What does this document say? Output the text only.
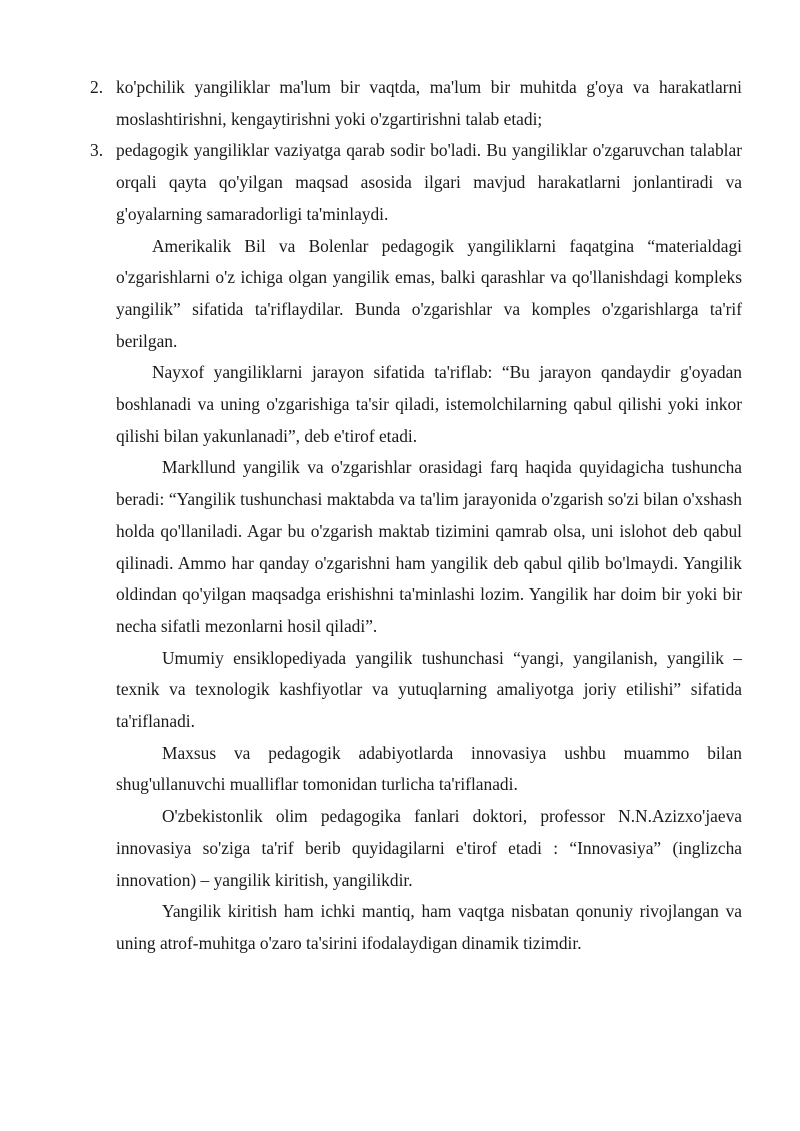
2. ko'pchilik yangiliklar ma'lum bir vaqtda, ma'lum bir muhitda g'oya va harakatlarni moslashtirishni, kengaytirishni yoki o'zgartirishni talab etadi;
3. pedagogik yangiliklar vaziyatga qarab sodir bo'ladi. Bu yangiliklar o'zgaruvchan talablar orqali qayta qo'yilgan maqsad asosida ilgari mavjud harakatlarni jonlantiradi va g'oyalarning samaradorligi ta'minlaydi.

Amerikalik Bil va Bolenlar pedagogik yangiliklarni faqatgina “materialdagi o'zgarishlarni o'z ichiga olgan yangilik emas, balki qarashlar va qo'llanishdagi kompleks yangilik” sifatida ta'riflaydilar. Bunda o'zgarishlar va komples o'zgarishlarga ta'rif berilgan.

Nayxof yangiliklarni jarayon sifatida ta'riflab: “Bu jarayon qandaydir g'oyadan boshlanadi va uning o'zgarishiga ta'sir qiladi, istemolchilarning qabul qilishi yoki inkor qilishi bilan yakunlanadi”, deb e'tirof etadi.

Markllund yangilik va o'zgarishlar orasidagi farq haqida quyidagicha tushuncha beradi: “Yangilik tushunchasi maktabda va ta'lim jarayonida o'zgarish so'zi bilan o'xshash holda qo'llaniladi. Agar bu o'zgarish maktab tizimini qamrab olsa, uni islohot deb qabul qilinadi. Ammo har qanday o'zgarishni ham yangilik deb qabul qilib bo'lmaydi. Yangilik oldindan qo'yilgan maqsadga erishishni ta'minlashi lozim. Yangilik har doim bir yoki bir necha sifatli mezonlarni hosil qiladi”.

Umumiy ensiklopediyada yangilik tushunchasi “yangi, yangilanish, yangilik – texnik va texnologik kashfiyotlar va yutuqlarning amaliyotga joriy etilishi” sifatida ta'riflanadi.

Maxsus va pedagogik adabiyotlarda innovasiya ushbu muammo bilan shug'ullanuvchi mualliflar tomonidan turlicha ta'riflanadi.

O'zbekistonlik olim pedagogika fanlari doktori, professor N.N.Azizxo'jaeva innovasiya so'ziga ta'rif berib quyidagilarni e'tirof etadi : “Innovasiya” (inglizcha innovation) – yangilik kiritish, yangilikdir.

Yangilik kiritish ham ichki mantiq, ham vaqtga nisbatan qonuniy rivojlangan va uning atrof-muhitga o'zaro ta'sirini ifodalaydigan dinamik tizimdir.
